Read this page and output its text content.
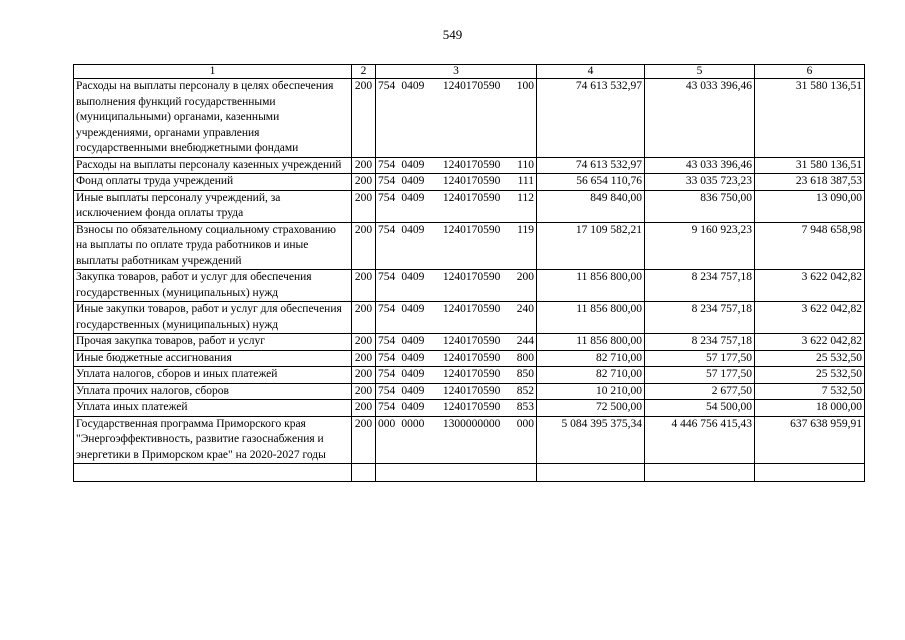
549
1	2	3	4	5	6
Расходы на выплаты персоналу в целях обеспечения выполнения функций государственными (муниципальными) органами, казенными учреждениями, органами управления государственными внебюджетными фондами	200	754 0409 1240170590 100	74 613 532,97	43 033 396,46	31 580 136,51
Расходы на выплаты персоналу казенных учреждений	200	754 0409 1240170590 110	74 613 532,97	43 033 396,46	31 580 136,51
Фонд оплаты труда учреждений	200	754 0409 1240170590 111	56 654 110,76	33 035 723,23	23 618 387,53
Иные выплаты персоналу учреждений, за исключением фонда оплаты труда	200	754 0409 1240170590 112	849 840,00	836 750,00	13 090,00
Взносы по обязательному социальному страхованию на выплаты по оплате труда работников и иные выплаты работникам учреждений	200	754 0409 1240170590 119	17 109 582,21	9 160 923,23	7 948 658,98
Закупка товаров, работ и услуг для обеспечения государственных (муниципальных) нужд	200	754 0409 1240170590 200	11 856 800,00	8 234 757,18	3 622 042,82
Иные закупки товаров, работ и услуг для обеспечения государственных (муниципальных) нужд	200	754 0409 1240170590 240	11 856 800,00	8 234 757,18	3 622 042,82
Прочая закупка товаров, работ и услуг	200	754 0409 1240170590 244	11 856 800,00	8 234 757,18	3 622 042,82
Иные бюджетные ассигнования	200	754 0409 1240170590 800	82 710,00	57 177,50	25 532,50
Уплата налогов, сборов и иных платежей	200	754 0409 1240170590 850	82 710,00	57 177,50	25 532,50
Уплата прочих налогов, сборов	200	754 0409 1240170590 852	10 210,00	2 677,50	7 532,50
Уплата иных платежей	200	754 0409 1240170590 853	72 500,00	54 500,00	18 000,00
Государственная программа Приморского края "Энергоэффективность, развитие газоснабжения и энергетики в Приморском крае" на 2020-2027 годы	200	000 0000 1300000000 000	5 084 395 375,34	4 446 756 415,43	637 638 959,91
